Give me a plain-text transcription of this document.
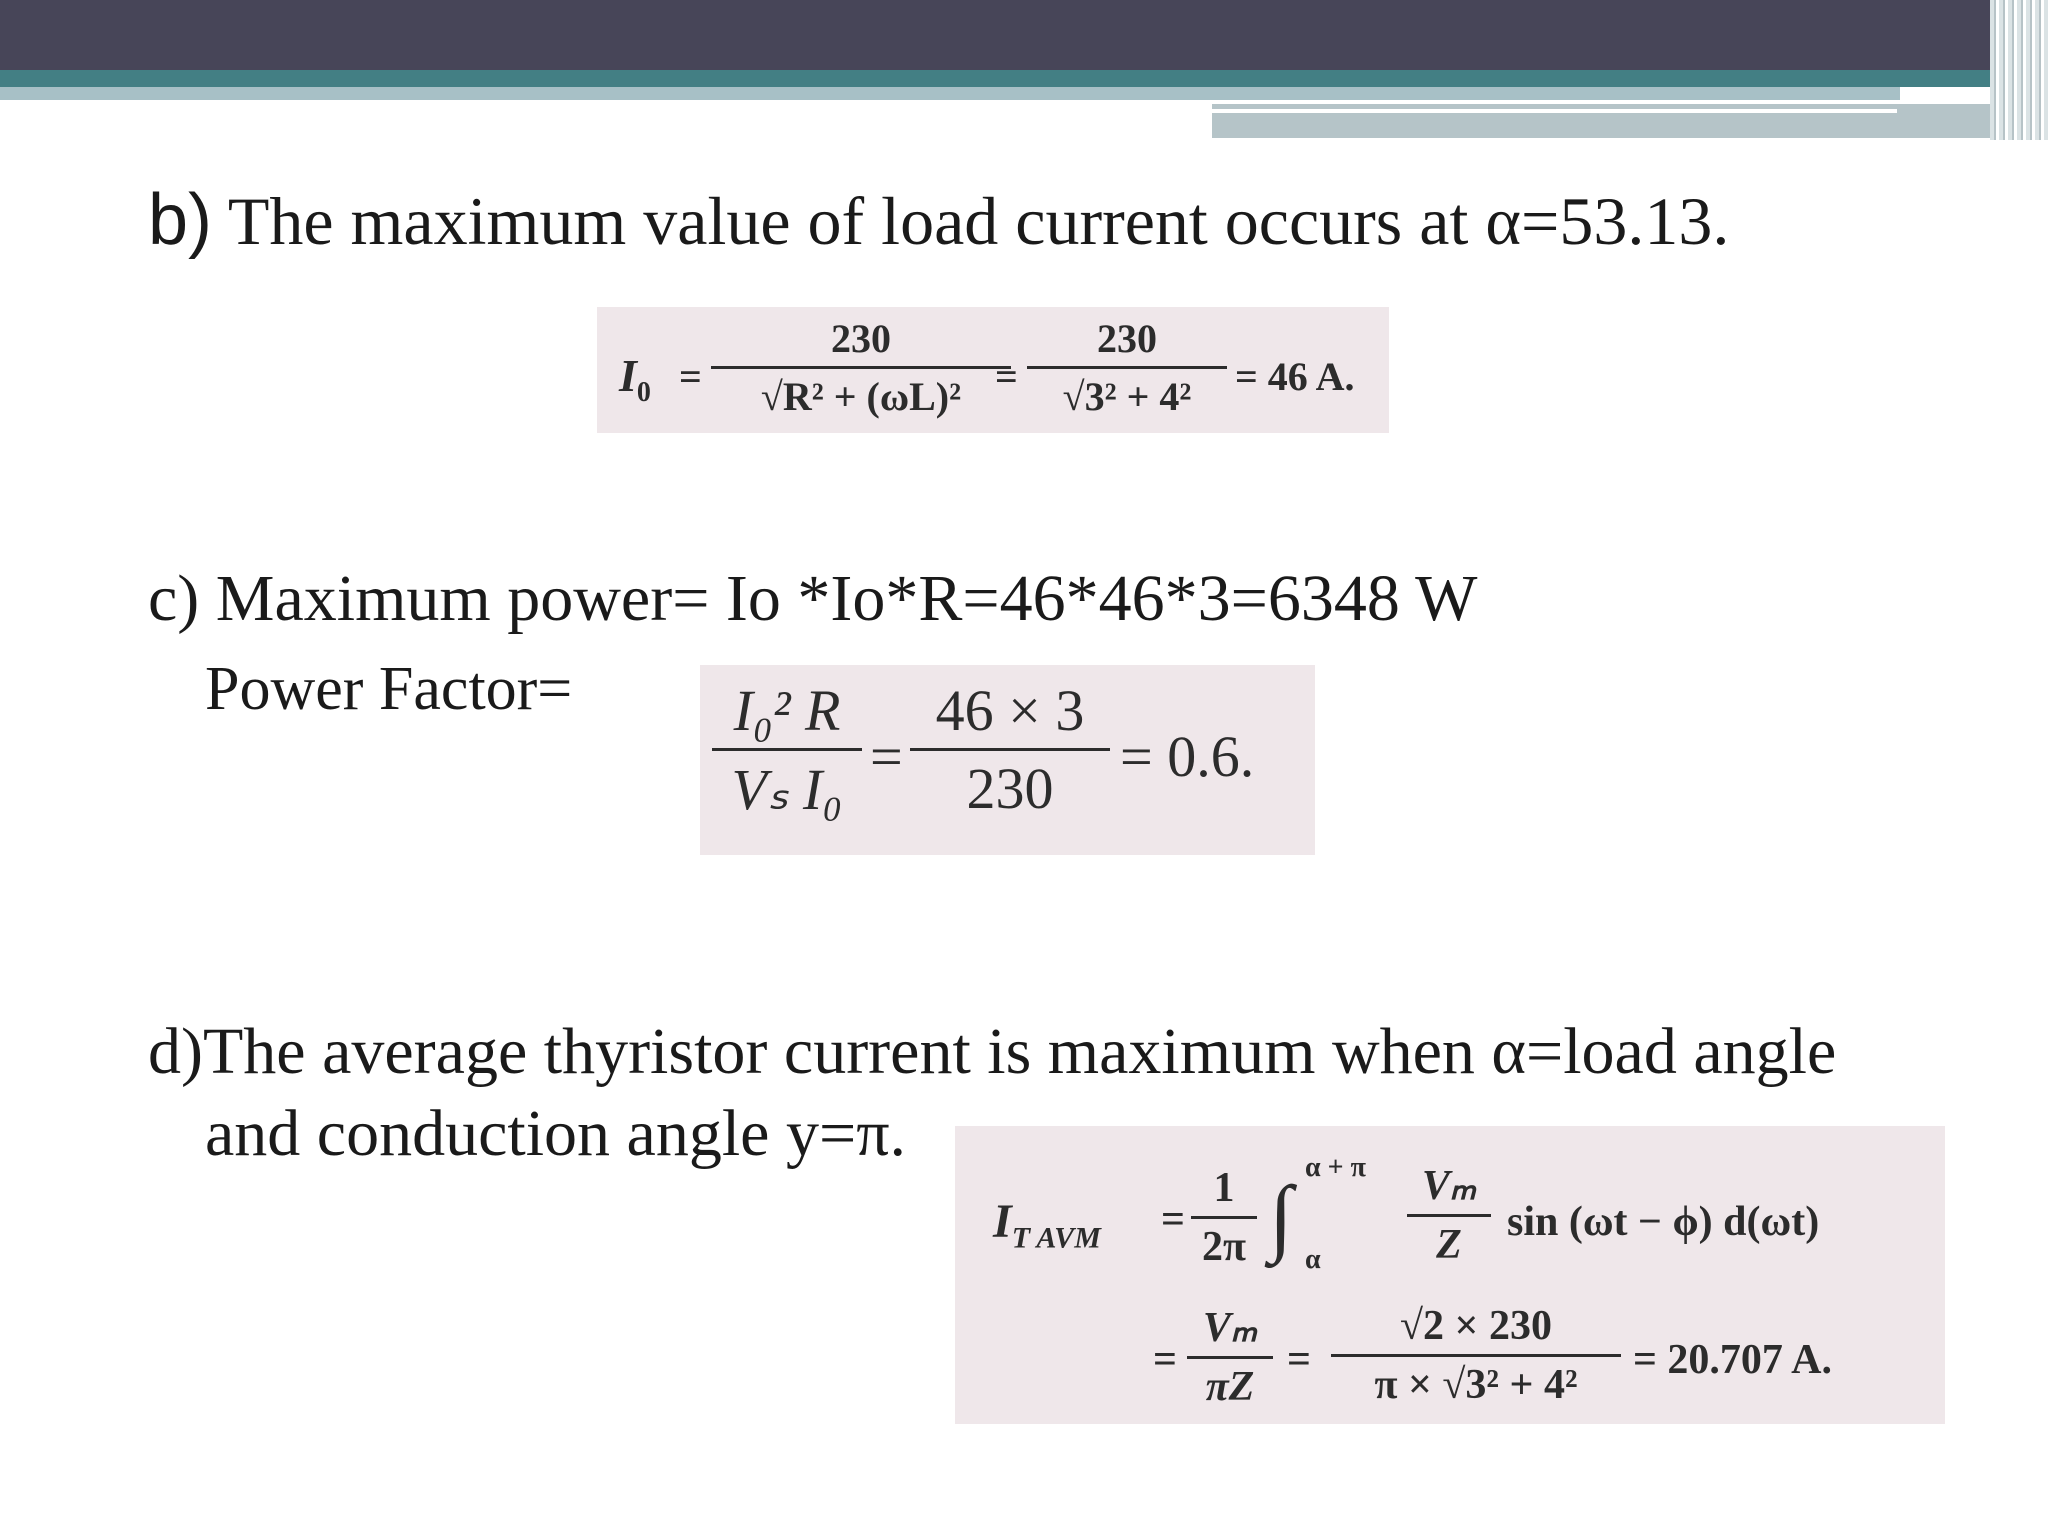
b) The maximum value of load current occurs at α=53.13.
$I_0$ =
230
√R² + (ωL)² =
230
√3² + 4²	= 46 A.
c) Maximum power= Io *Io*R=46*46*3=6348 W
Power Factor=	I₀² R
Vₛ I₀
=
46 × 3
230	= 0.6.
d)The average thyristor current is maximum when α=load angle
and conduction angle y=π.
$I_{T AVM}$ =
1
2π ∫
α + π
α
Vₘ
Z	sin (ωt − ϕ) d(ωt)
=
Vₘ
πZ
=
√2 × 230
π × √3² + 4²
= 20.707 A.
